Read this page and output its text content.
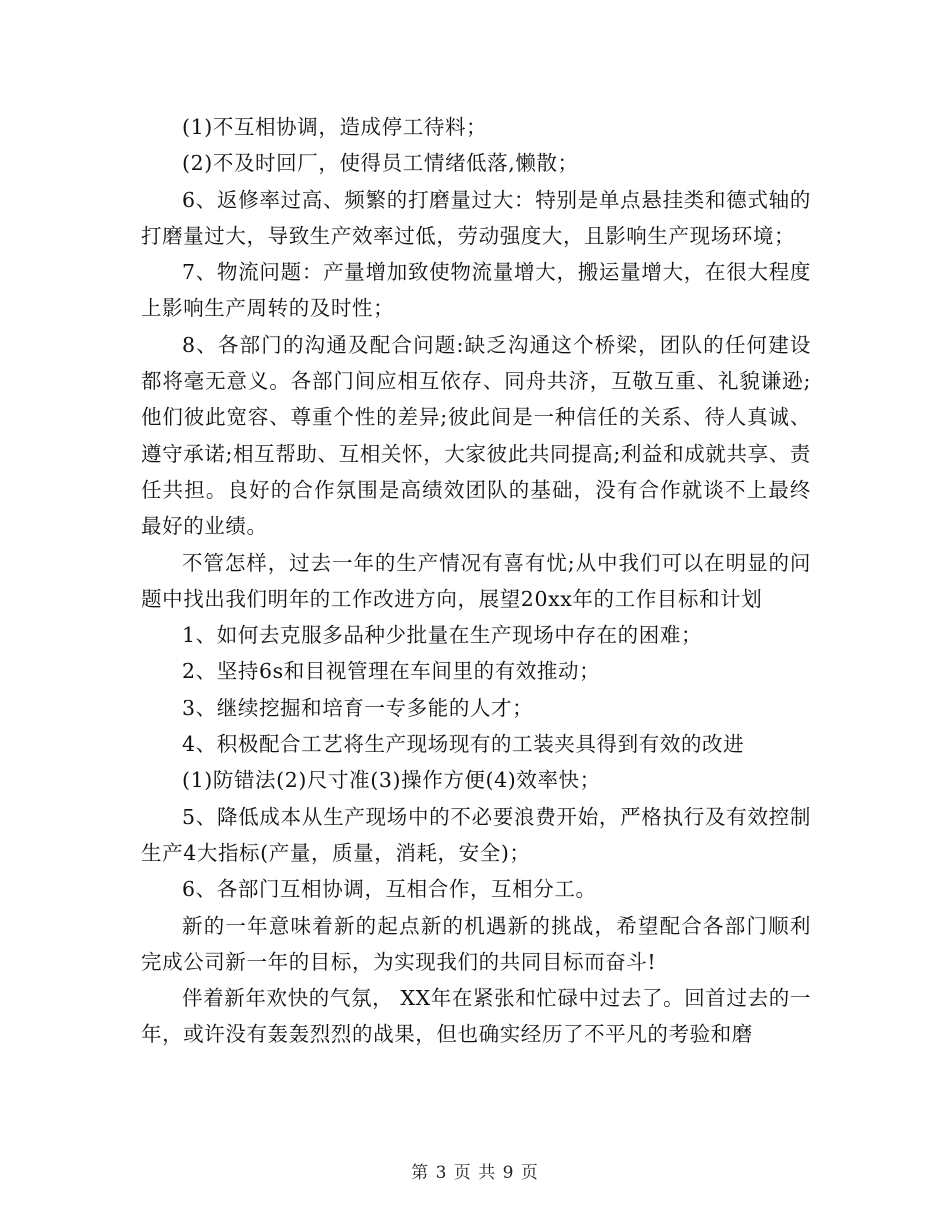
(1)不互相协调，造成停工待料；

(2)不及时回厂，使得员工情绪低落,懒散；

6、返修率过高、频繁的打磨量过大：特别是单点悬挂类和德式轴的打磨量过大，导致生产效率过低，劳动强度大，且影响生产现场环境；

7、物流问题：产量增加致使物流量增大，搬运量增大，在很大程度上影响生产周转的及时性；

8、各部门的沟通及配合问题:缺乏沟通这个桥梁，团队的任何建设都将毫无意义。各部门间应相互依存、同舟共济，互敬互重、礼貌谦逊;他们彼此宽容、尊重个性的差异;彼此间是一种信任的关系、待人真诚、遵守承诺;相互帮助、互相关怀，大家彼此共同提高;利益和成就共享、责任共担。良好的合作氛围是高绩效团队的基础，没有合作就谈不上最终最好的业绩。

不管怎样，过去一年的生产情况有喜有忧;从中我们可以在明显的问题中找出我们明年的工作改进方向，展望20xx年的工作目标和计划

1、如何去克服多品种少批量在生产现场中存在的困难；

2、坚持6s和目视管理在车间里的有效推动；

3、继续挖掘和培育一专多能的人才；

4、积极配合工艺将生产现场现有的工装夹具得到有效的改进

(1)防错法(2)尺寸准(3)操作方便(4)效率快；

5、降低成本从生产现场中的不必要浪费开始，严格执行及有效控制生产4大指标(产量，质量，消耗，安全)；

6、各部门互相协调，互相合作，互相分工。

新的一年意味着新的起点新的机遇新的挑战，希望配合各部门顺利完成公司新一年的目标，为实现我们的共同目标而奋斗!

伴着新年欢快的气氛， XX年在紧张和忙碌中过去了。回首过去的一年，或许没有轰轰烈烈的战果，但也确实经历了不平凡的考验和磨

第 3 页 共 9 页
